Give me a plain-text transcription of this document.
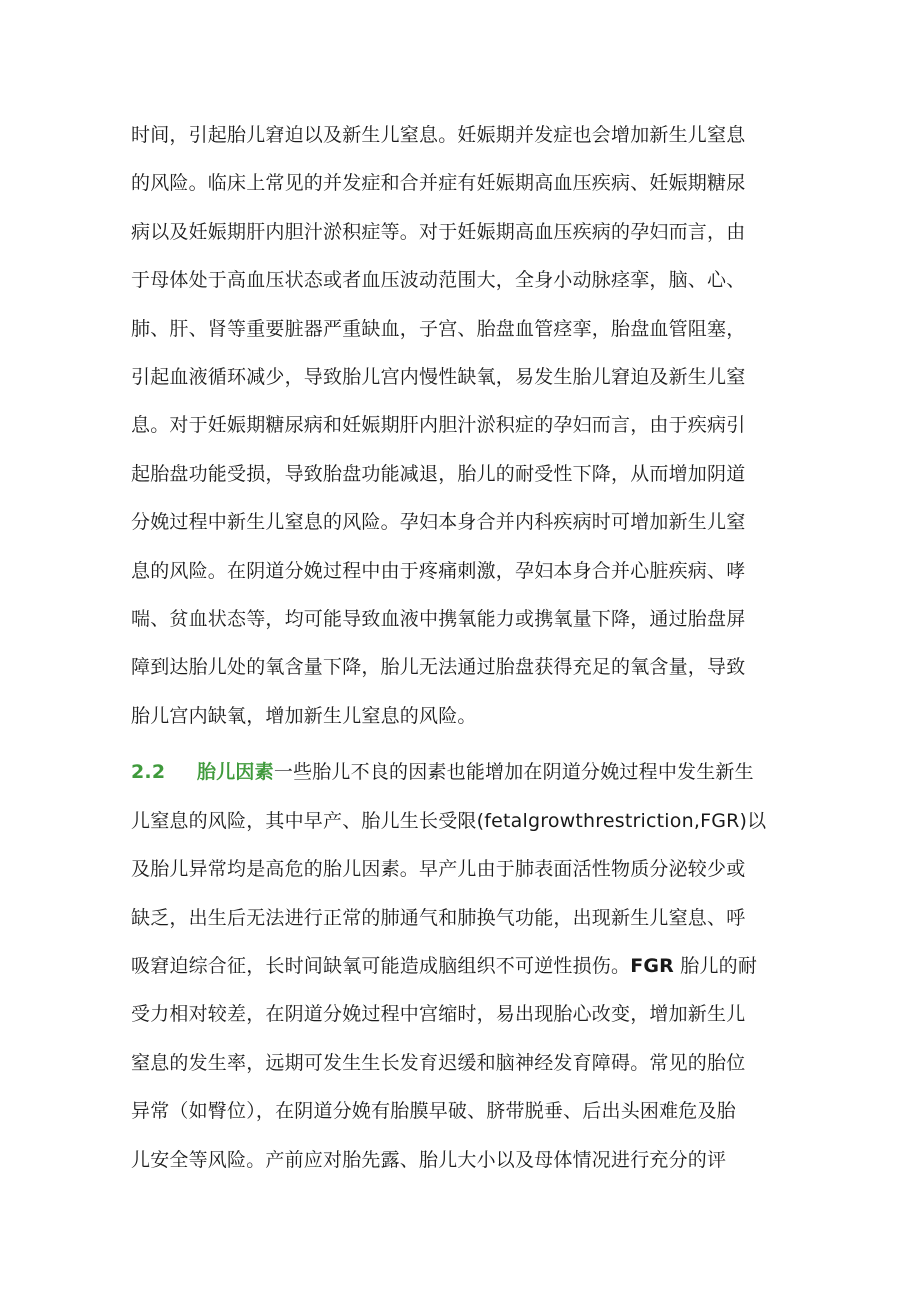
时间，引起胎儿窘迫以及新生儿窒息。妊娠期并发症也会增加新生儿窒息
的风险。临床上常见的并发症和合并症有妊娠期高血压疾病、妊娠期糖尿
病以及妊娠期肝内胆汁淤积症等。对于妊娠期高血压疾病的孕妇而言，由
于母体处于高血压状态或者血压波动范围大，全身小动脉痉挛，脑、心、
肺、肝、肾等重要脏器严重缺血，子宫、胎盘血管痉挛，胎盘血管阻塞，
引起血液循环减少，导致胎儿宫内慢性缺氧，易发生胎儿窘迫及新生儿窒
息。对于妊娠期糖尿病和妊娠期肝内胆汁淤积症的孕妇而言，由于疾病引
起胎盘功能受损，导致胎盘功能减退，胎儿的耐受性下降，从而增加阴道
分娩过程中新生儿窒息的风险。孕妇本身合并内科疾病时可增加新生儿窒
息的风险。在阴道分娩过程中由于疼痛刺激，孕妇本身合并心脏疾病、哮
喘、贫血状态等，均可能导致血液中携氧能力或携氧量下降，通过胎盘屏
障到达胎儿处的氧含量下降，胎儿无法通过胎盘获得充足的氧含量，导致
胎儿宫内缺氧，增加新生儿窒息的风险。
2.2 胎儿因素一些胎儿不良的因素也能增加在阴道分娩过程中发生新生
儿窒息的风险，其中早产、胎儿生长受限(fetalgrowthrestriction,FGR)以
及胎儿异常均是高危的胎儿因素。早产儿由于肺表面活性物质分泌较少或
缺乏，出生后无法进行正常的肺通气和肺换气功能，出现新生儿窒息、呼
吸窘迫综合征，长时间缺氧可能造成脑组织不可逆性损伤。FGR 胎儿的耐
受力相对较差，在阴道分娩过程中宫缩时，易出现胎心改变，增加新生儿
窒息的发生率，远期可发生生长发育迟缓和脑神经发育障碍。常见的胎位
异常（如臀位），在阴道分娩有胎膜早破、脐带脱垂、后出头困难危及胎
儿安全等风险。产前应对胎先露、胎儿大小以及母体情况进行充分的评
